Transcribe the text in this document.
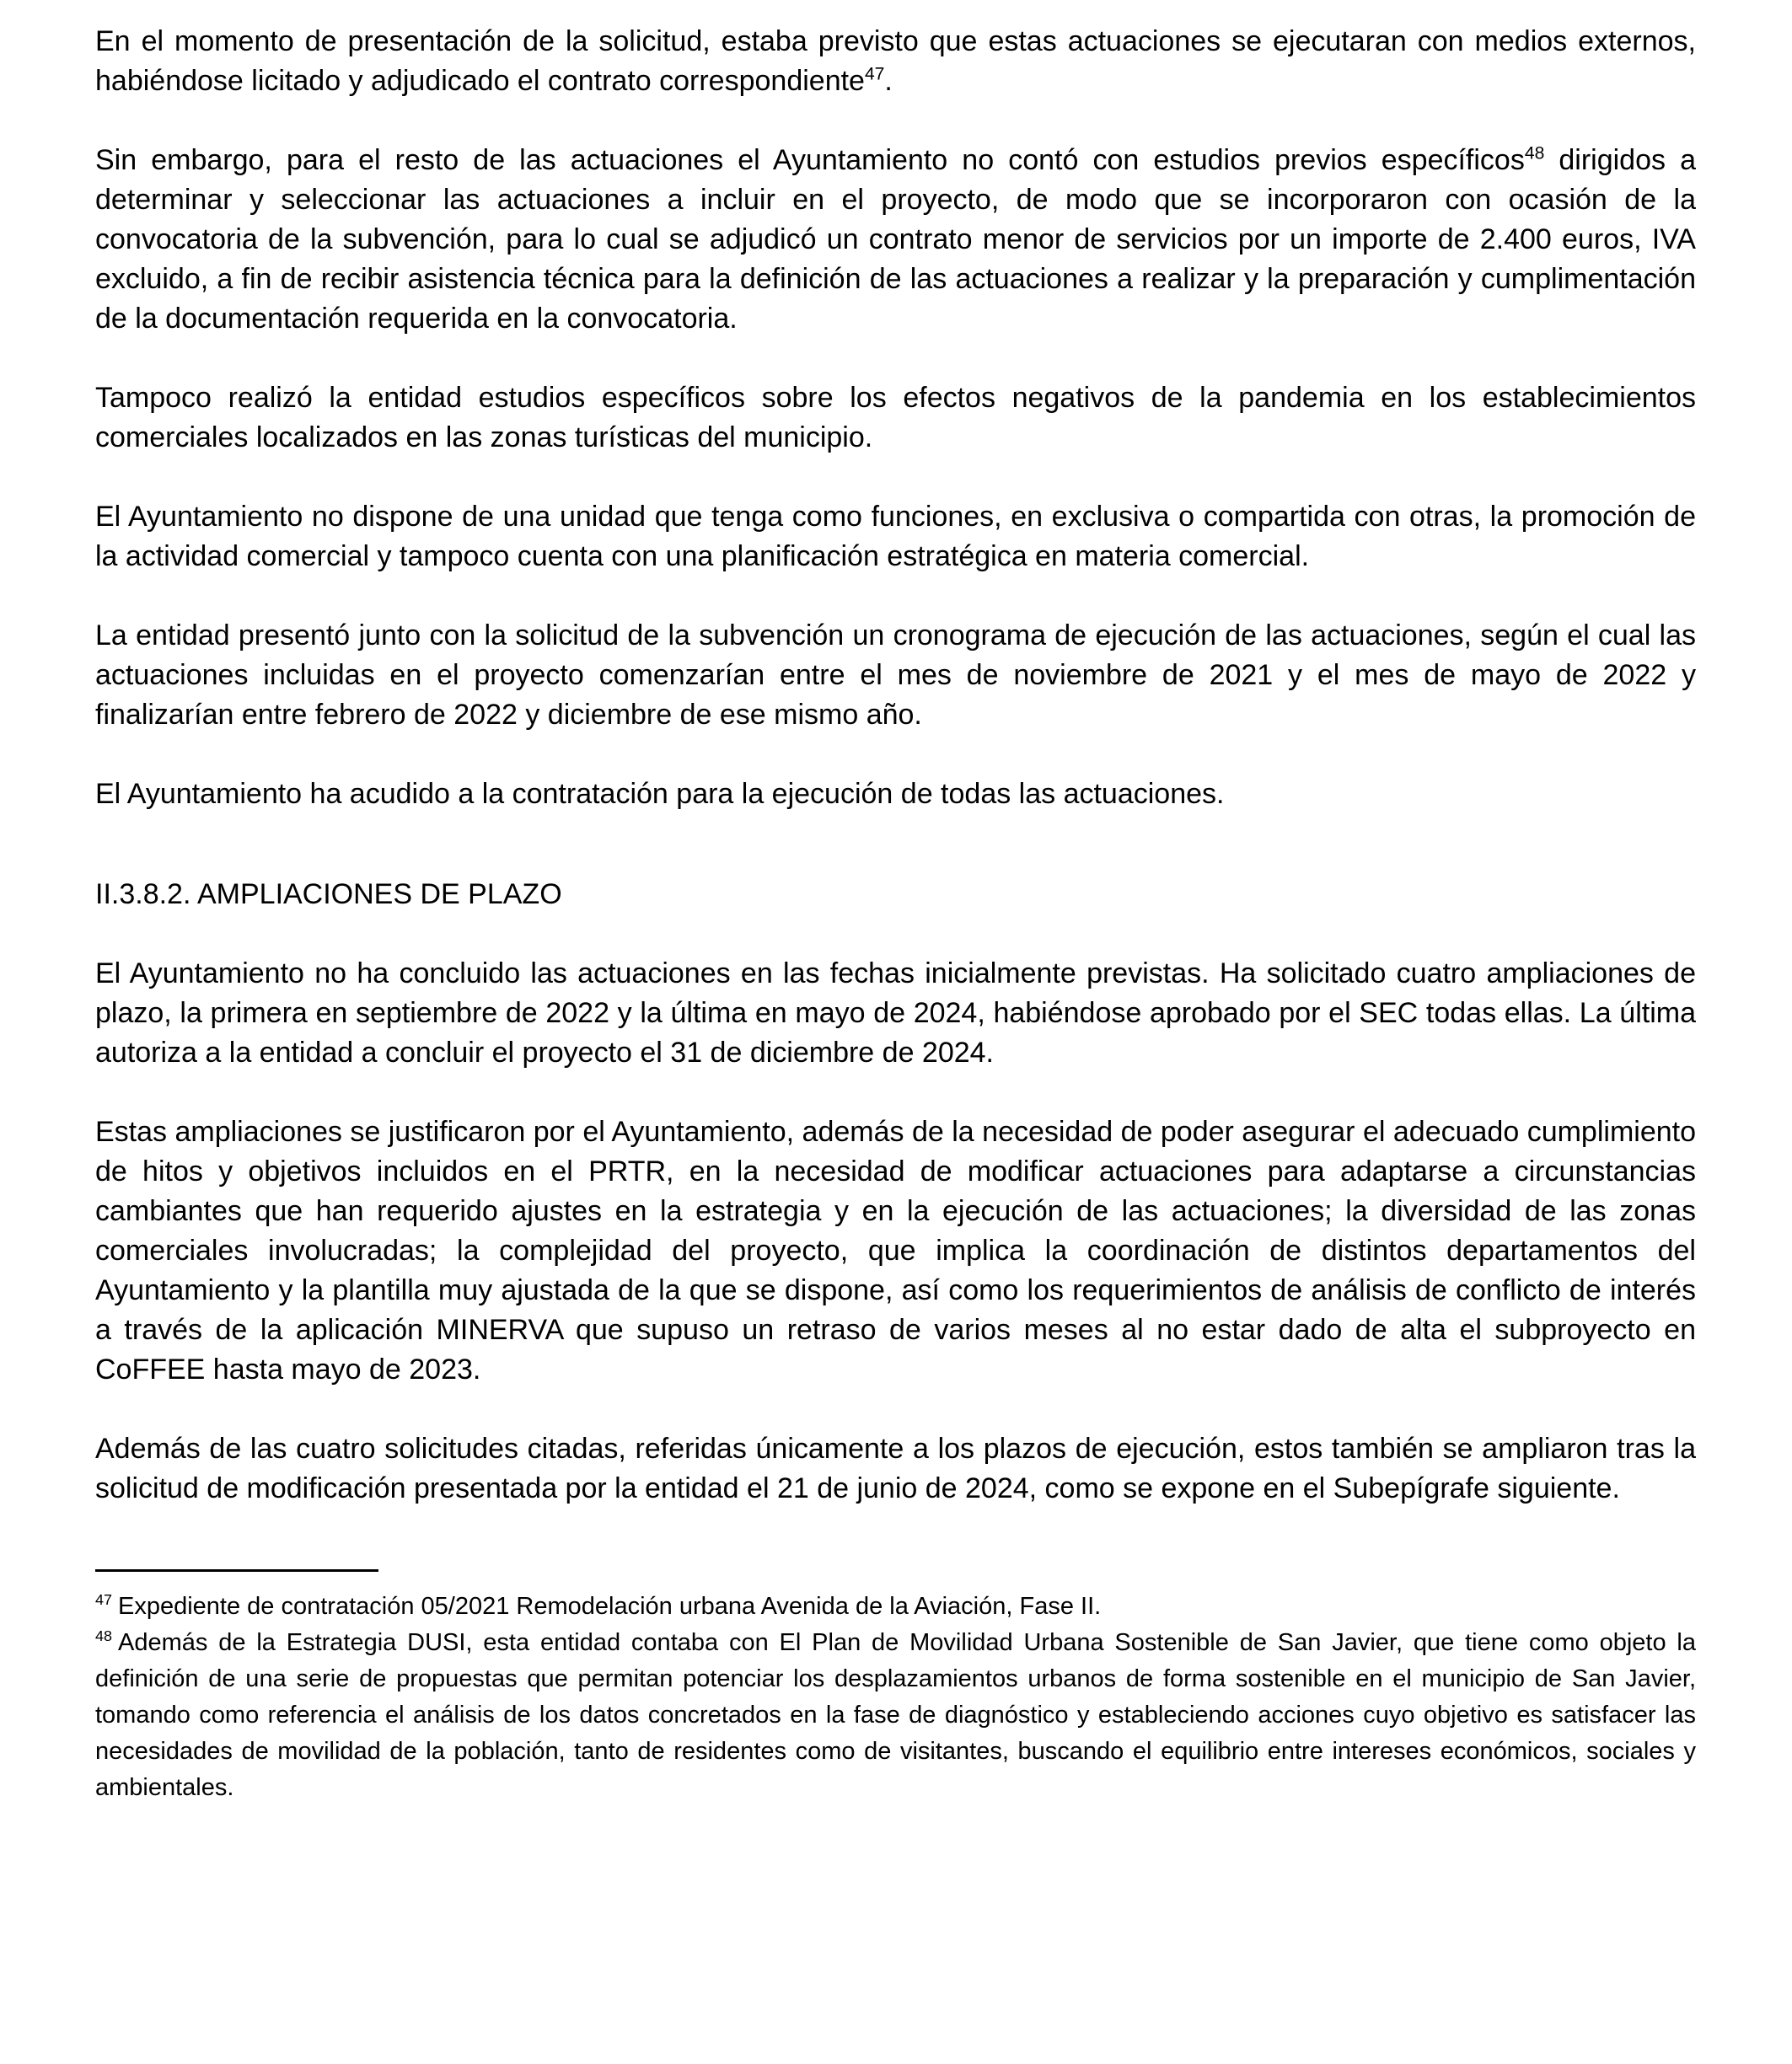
En el momento de presentación de la solicitud, estaba previsto que estas actuaciones se ejecutaran con medios externos, habiéndose licitado y adjudicado el contrato correspondiente$^{47}$.

Sin embargo, para el resto de las actuaciones el Ayuntamiento no contó con estudios previos específicos$^{48}$ dirigidos a determinar y seleccionar las actuaciones a incluir en el proyecto, de modo que se incorporaron con ocasión de la convocatoria de la subvención, para lo cual se adjudicó un contrato menor de servicios por un importe de 2.400 euros, IVA excluido, a fin de recibir asistencia técnica para la definición de las actuaciones a realizar y la preparación y cumplimentación de la documentación requerida en la convocatoria.

Tampoco realizó la entidad estudios específicos sobre los efectos negativos de la pandemia en los establecimientos comerciales localizados en las zonas turísticas del municipio.

El Ayuntamiento no dispone de una unidad que tenga como funciones, en exclusiva o compartida con otras, la promoción de la actividad comercial y tampoco cuenta con una planificación estratégica en materia comercial.

La entidad presentó junto con la solicitud de la subvención un cronograma de ejecución de las actuaciones, según el cual las actuaciones incluidas en el proyecto comenzarían entre el mes de noviembre de 2021 y el mes de mayo de 2022 y finalizarían entre febrero de 2022 y diciembre de ese mismo año.

El Ayuntamiento ha acudido a la contratación para la ejecución de todas las actuaciones.

II.3.8.2. AMPLIACIONES DE PLAZO

El Ayuntamiento no ha concluido las actuaciones en las fechas inicialmente previstas. Ha solicitado cuatro ampliaciones de plazo, la primera en septiembre de 2022 y la última en mayo de 2024, habiéndose aprobado por el SEC todas ellas. La última autoriza a la entidad a concluir el proyecto el 31 de diciembre de 2024.

Estas ampliaciones se justificaron por el Ayuntamiento, además de la necesidad de poder asegurar el adecuado cumplimiento de hitos y objetivos incluidos en el PRTR, en la necesidad de modificar actuaciones para adaptarse a circunstancias cambiantes que han requerido ajustes en la estrategia y en la ejecución de las actuaciones; la diversidad de las zonas comerciales involucradas; la complejidad del proyecto, que implica la coordinación de distintos departamentos del Ayuntamiento y la plantilla muy ajustada de la que se dispone, así como los requerimientos de análisis de conflicto de interés a través de la aplicación MINERVA que supuso un retraso de varios meses al no estar dado de alta el subproyecto en CoFFEE hasta mayo de 2023.

Además de las cuatro solicitudes citadas, referidas únicamente a los plazos de ejecución, estos también se ampliaron tras la solicitud de modificación presentada por la entidad el 21 de junio de 2024, como se expone en el Subepígrafe siguiente.

$^{47}$ Expediente de contratación 05/2021 Remodelación urbana Avenida de la Aviación, Fase II.

$^{48}$ Además de la Estrategia DUSI, esta entidad contaba con El Plan de Movilidad Urbana Sostenible de San Javier, que tiene como objeto la definición de una serie de propuestas que permitan potenciar los desplazamientos urbanos de forma sostenible en el municipio de San Javier, tomando como referencia el análisis de los datos concretados en la fase de diagnóstico y estableciendo acciones cuyo objetivo es satisfacer las necesidades de movilidad de la población, tanto de residentes como de visitantes, buscando el equilibrio entre intereses económicos, sociales y ambientales.
